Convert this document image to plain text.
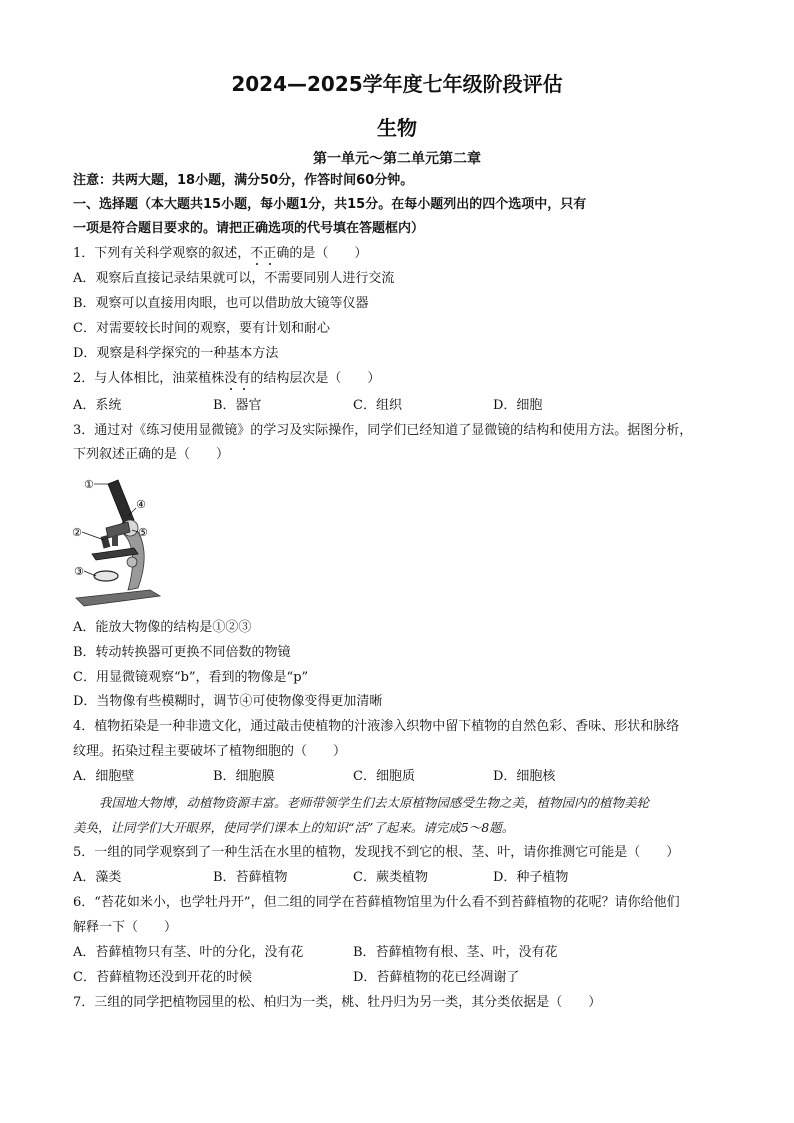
2024—2025学年度七年级阶段评估
生物
第一单元～第二单元第二章
注意：共两大题，18小题，满分50分，作答时间60分钟。
一、选择题（本大题共15小题，每小题1分，共15分。在每小题列出的四个选项中，只有
一项是符合题目要求的。请把正确选项的代号填在答题框内）
1．下列有关科学观察的叙述，不正确的是（　　）
A．观察后直接记录结果就可以，不需要同别人进行交流
B．观察可以直接用肉眼，也可以借助放大镜等仪器
C．对需要较长时间的观察，要有计划和耐心
D．观察是科学探究的一种基本方法
2．与人体相比，油菜植株没有的结构层次是（　　）
A．系统	B．器官	C．组织	D．细胞
3．通过对《练习使用显微镜》的学习及实际操作，同学们已经知道了显微镜的结构和使用方法。据图分析，
下列叙述正确的是（　　）
①
②
③
④
⑤
A．能放大物像的结构是①②③
B．转动转换器可更换不同倍数的物镜
C．用显微镜观察“b”，看到的物像是“p”
D．当物像有些模糊时，调节④可使物像变得更加清晰
4．植物拓染是一种非遗文化，通过敲击使植物的汁液渗入织物中留下植物的自然色彩、香味、形状和脉络
纹理。拓染过程主要破坏了植物细胞的（　　）
A．细胞壁	B．细胞膜	C．细胞质	D．细胞核
我国地大物博，动植物资源丰富。老师带领学生们去太原植物园感受生物之美，植物园内的植物美轮
美奂，让同学们大开眼界，使同学们课本上的知识“活”了起来。请完成5～8题。
5．一组的同学观察到了一种生活在水里的植物，发现找不到它的根、茎、叶，请你推测它可能是（　　）
A．藻类	B．苔藓植物	C．蕨类植物	D．种子植物
6．“苔花如米小，也学牡丹开”，但二组的同学在苔藓植物馆里为什么看不到苔藓植物的花呢？请你给他们
解释一下（　　）
A．苔藓植物只有茎、叶的分化，没有花	B．苔藓植物有根、茎、叶，没有花
C．苔藓植物还没到开花的时候	D．苔藓植物的花已经凋谢了
7．三组的同学把植物园里的松、柏归为一类，桃、牡丹归为另一类，其分类依据是（　　）
